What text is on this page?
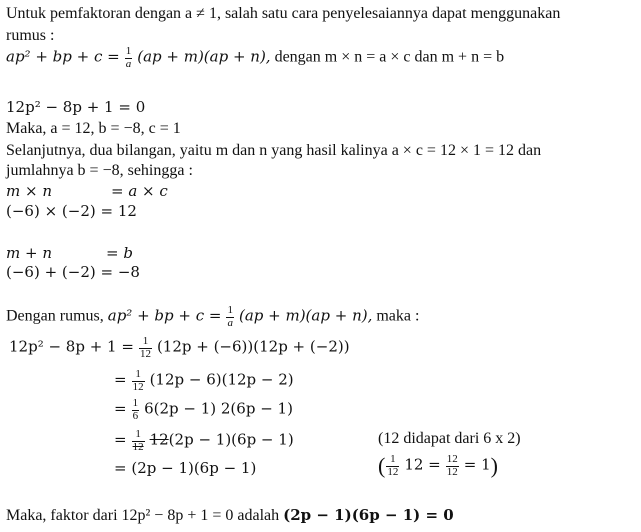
Untuk pemfaktoran dengan a ≠ 1, salah satu cara penyelesaiannya dapat menggunakan
rumus :
ap² + bp + $c = \frac{1}{a} (ap + m)(ap + n)$, dengan m × n = a × c dan m + n = b
12p² − 8p + 1 = 0
Maka, a = 12, b = −8, c = 1
Selanjutnya, dua bilangan, yaitu m dan n yang hasil kalinya a × c = 12 × 1 = 12 dan
jumlahnya b = −8, sehingga :
m × n	= a × c
(−6) × (−2) = 12
m + n	= b
(−6) + (−2) = −8
Dengan rumus, ap² + bp + $c = \frac{1}{a} (ap + m)(ap + n)$, maka :
$12p^2 - 8p + 1 = \frac{1}{12} (12p + (-6))(12p + (-2))$
= $\frac{1}{12} (12p - 6)(12p - 2)$
= $\frac{1}{6} 6(2p - 1) 2(6p - 1)$
= $\frac{1}{12} 12(2p - 1)(6p - 1)$	(12 didapat dari 6 x 2)
= (2p − 1)(6p − 1)	( $\frac{1}{12} 12 = \frac{12}{12} = 1$)
Maka, faktor dari 12p² − 8p + 1 = 0 adalah (2p − 1)(6p − 1) = 0
